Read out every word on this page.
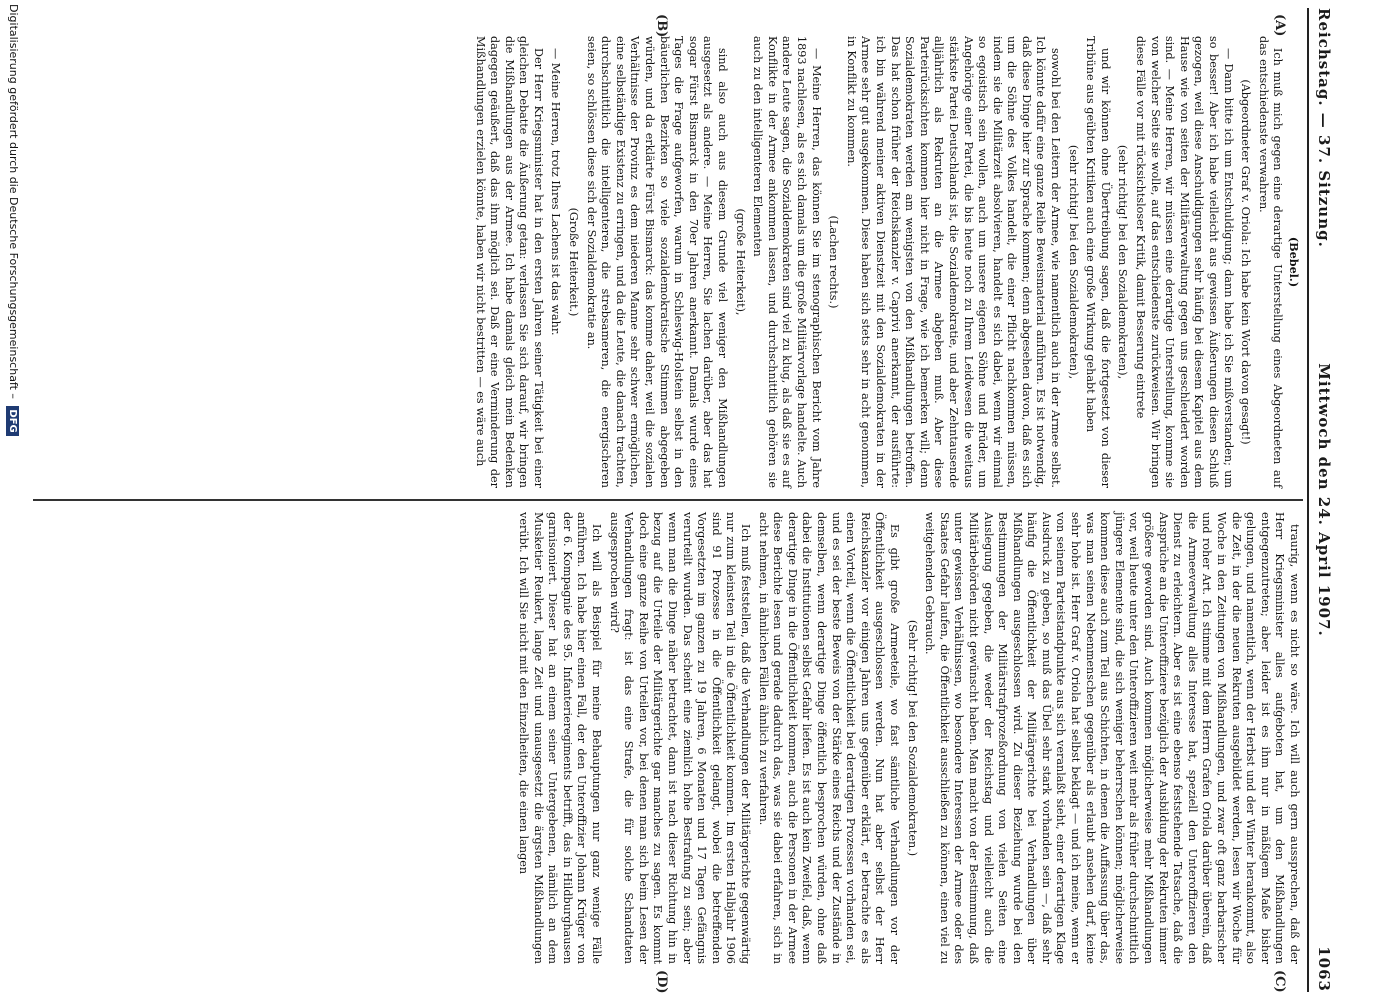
Digitalisierung gefördert durch die Deutsche Forschungsgemeinschaft – DFG
Reichstag. — 37. Sitzung.
Mittwoch den 24. April 1907.
1063
(A)
(B)
(C)
(D)

(Bebel.)

Ich muß mich gegen eine derartige Unterstellung eines Abgeordneten auf das entschiedenste verwahren.

(Abgeordneter Graf v. Oriola: Ich habe kein Wort davon gesagt!)

— Dann bitte ich um Entschuldigung; dann habe ich Sie mißverstanden; um so besser! Aber ich habe vielleicht aus gewissen Äußerungen diesen Schluß gezogen, weil diese Anschuldigungen sehr häufig bei diesem Kapitel aus dem Hause wie von seiten der Militärverwaltung gegen uns geschleudert worden sind. — Meine Herren, wir müssen eine derartige Unterstellung, komme sie von welcher Seite sie wolle, auf das entschiedenste zurückweisen. Wir bringen diese Fälle vor mit rücksichtsloser Kritik, damit Besserung eintrete

(sehr richtig! bei den Sozialdemokraten),

und wir können ohne Übertreibung sagen, daß die fortgesetzt von dieser Tribüne aus geübten Kritiken auch eine große Wirkung gehabt haben

(sehr richtig! bei den Sozialdemokraten),

sowohl bei den Leitern der Armee, wie namentlich auch in der Armee selbst. Ich könnte dafür eine ganze Reihe Beweismaterial anführen. Es ist notwendig, daß diese Dinge hier zur Sprache kommen; denn abgesehen davon, daß es sich um die Söhne des Volkes handelt, die einer Pflicht nachkommen müssen, indem sie die Militärzeit absolvieren, handelt es sich dabei, wenn wir einmal so egoistisch sein wollen, auch um unsere eigenen Söhne und Brüder, um Angehörige einer Partei, die bis heute noch zu Ihrem Leidwesen die weitaus stärkste Partei Deutschlands ist, die Sozialdemokratie, und aber Zehntausende alljährlich als Rekruten an die Armee abgeben muß. Aber diese Parteirücksichten kommen hier nicht in Frage, wie ich bemerken will; denn Sozialdemokraten werden am wenigsten von den Mißhandlungen betroffen. Das hat schon früher der Reichskanzler v. Caprivi anerkannt, der ausführte: ich bin während meiner aktiven Dienstzeit mit den Sozialdemokraten in der Armee sehr gut ausgekommen. Diese haben sich stets sehr in acht genommen, in Konflikt zu kommen.

(Lachen rechts.)

— Meine Herren, das können Sie im stenographischen Bericht vom Jahre 1893 nachlesen, als es sich damals um die große Militärvorlage handelte. Auch andere Leute sagen, die Sozialdemokraten sind viel zu klug, als daß sie es auf Konflikte in der Armee ankommen lassen, und durchschnittlich gehören sie auch zu den intelligenteren Elementen

(große Heiterkeit),

sind also auch aus diesem Grunde viel weniger den Mißhandlungen ausgesetzt als andere. — Meine Herren, Sie lachen darüber, aber das hat sogar Fürst Bismarck in den 70er Jahren anerkannt. Damals wurde eines Tages die Frage aufgeworfen, warum in Schleswig-Holstein selbst in den bäuerlichen Bezirken so viele sozialdemokratische Stimmen abgegeben würden, und da erklärte Fürst Bismarck: das komme daher, weil die sozialen Verhältnisse der Provinz es dem niederen Manne sehr schwer ermöglichen, eine selbständige Existenz zu erringen, und da die Leute, die danach trachten, durchschnittlich die intelligenteren, die strebsameren, die energischeren seien, so schlössen diese sich der Sozialdemokratie an.

(Große Heiterkeit.)

— Meine Herren, trotz Ihres Lachens ist das wahr.

Der Herr Kriegsminister hat in den ersten Jahren seiner Tätigkeit bei einer gleichen Debatte die Äußerung getan: verlassen Sie sich darauf, wir bringen die Mißhandlungen aus der Armee. Ich habe damals gleich mein Bedenken dagegen geäußert, daß das ihm möglich sei. Daß er eine Verminderung der Mißhandlungen erzielen könnte, haben wir nicht bestritten — es wäre auch

traurig, wenn es nicht so wäre. Ich will auch gern aussprechen, daß der Herr Kriegsminister alles aufgeboten hat, um den Mißhandlungen entgegenzutreten; aber leider ist es ihm nur in mäßigem Maße bisher gelungen, und namentlich, wenn der Herbst und der Winter herankommt, also die Zeit, in der die neuen Rekruten ausgebildet werden, lesen wir Woche für Woche in den Zeitungen von Mißhandlungen, und zwar oft ganz barbarischer und roher Art. Ich stimme mit dem Herrn Grafen Oriola darüber überein, daß die Armeeverwaltung alles Interesse hat, speziell den Unteroffizieren den Dienst zu erleichtern. Aber es ist eine ebenso feststehende Tatsache, daß die Ansprüche an die Unteroffiziere bezüglich der Ausbildung der Rekruten immer größere geworden sind. Auch kommen möglicherweise mehr Mißhandlungen vor, weil heute unter den Unteroffizieren weit mehr als früher durchschnittlich jüngere Elemente sind, die sich weniger beherrschen können; möglicherweise kommen diese auch zum Teil aus Schichten, in denen die Auffassung über das, was man seinen Nebenmenschen gegenüber als erlaubt ansehen darf, keine sehr hohe ist. Herr Graf v. Oriola hat selbst beklagt — und ich meine, wenn er von seinem Parteistandpunkte aus sich veranlaßt sieht, einer derartigen Klage Ausdruck zu geben, so muß das Übel sehr stark vorhanden sein —, daß sehr häufig die Öffentlichkeit der Militärgerichte bei Verhandlungen über Mißhandlungen ausgeschlossen wird. Zu dieser Beziehung wurde bei den Bestimmungen der Militärstrafprozeßordnung von vielen Seiten eine Auslegung gegeben, die weder der Reichstag und vielleicht auch die Militärbehörden nicht gewünscht haben. Man macht von der Bestimmung, daß unter gewissen Verhältnissen, wo besondere Interessen der Armee oder des Staates Gefahr laufen, die Öffentlichkeit ausschließen zu können, einen viel zu weitgehenden Gebrauch.

(Sehr richtig! bei den Sozialdemokraten.)

Es gibt große Armeeteile, wo fast sämtliche Verhandlungen vor der Öffentlichkeit ausgeschlossen werden. Nun hat aber selbst der Herr Reichskanzler vor einigen Jahren uns gegenüber erklärt, er betrachte es als einen Vorteil, wenn die Öffentlichkeit bei derartigen Prozessen vorhanden sei, und es sei der beste Beweis von der Stärke eines Reichs und der Zustände in demselben, wenn derartige Dinge öffentlich besprochen würden, ohne daß dabei die Institutionen selbst Gefahr liefen. Es ist auch kein Zweifel, daß, wenn derartige Dinge in die Öffentlichkeit kommen, auch die Personen in der Armee diese Berichte lesen und gerade dadurch das, was sie dabei erfahren, sich in acht nehmen, in ähnlichen Fällen ähnlich zu verfahren.

Ich muß feststellen, daß die Verhandlungen der Militärgerichte gegenwärtig nur zum kleinsten Teil in die Öffentlichkeit kommen. Im ersten Halbjahr 1906 sind 91 Prozesse in die Öffentlichkeit gelangt, wobei die betreffenden Vorgesetzten im ganzen zu 19 Jahren, 6 Monaten und 17 Tagen Gefängnis verurteilt wurden. Das scheint eine ziemlich hohe Bestrafung zu sein; aber wenn man die Dinge näher betrachtet, dann ist nach dieser Richtung hin in bezug auf die Urteile der Militärgerichte gar manches zu sagen. Es kommt doch eine ganze Reihe von Urteilen vor, bei denen man sich beim Lesen der Verhandlungen fragt: ist das eine Strafe, die für solche Schandtaten ausgesprochen wird?

Ich will als Beispiel für meine Behauptungen nur ganz wenige Fälle anführen. Ich habe hier einen Fall, der den Unteroffizier Johann Krüger von der 6. Kompagnie des 95. Infanterieregiments betrifft, das in Hildburghausen garnisoniert. Dieser hat an einem seiner Untergebenen, nämlich an dem Musketier Reukert, lange Zeit und unausgesetzt die ärgsten Mißhandlungen verübt. Ich will Sie nicht mit den Einzelheiten, die einen langen
